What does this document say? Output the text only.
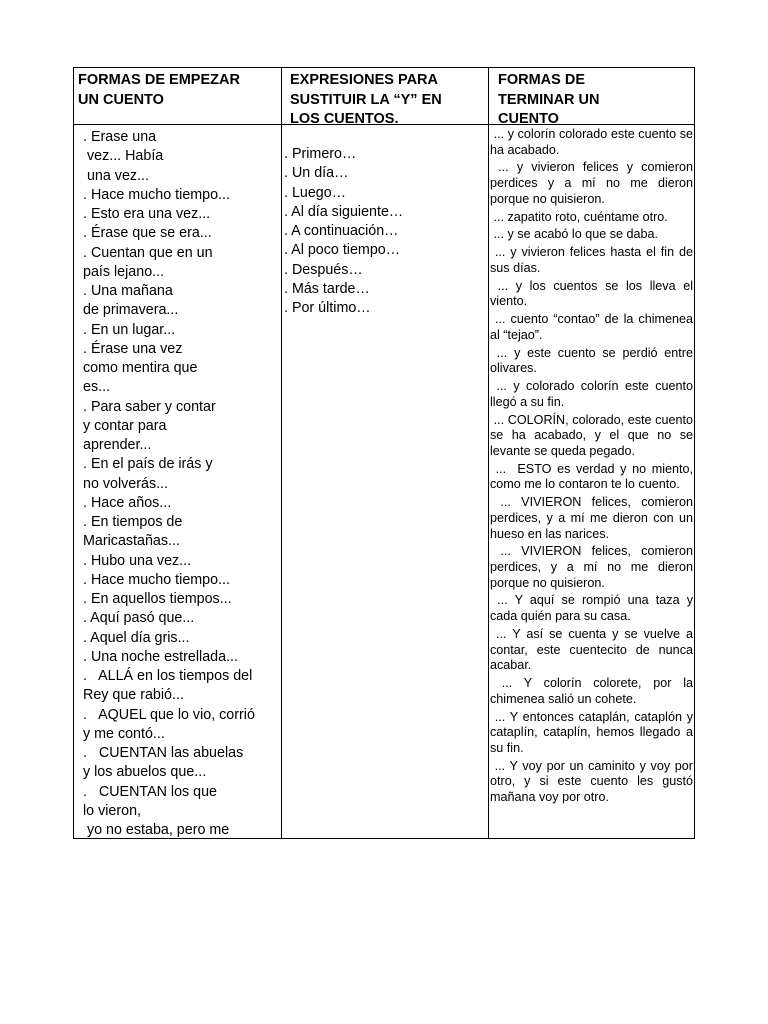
FORMAS DE EMPEZAR
UN CUENTO
EXPRESIONES PARA
SUSTITUIR LA “Y” EN
LOS CUENTOS.
FORMAS DE
TERMINAR UN
CUENTO
. Erase una
vez... Había
una vez...
. Hace mucho tiempo...
. Esto era una vez...
. Érase que se era...
. Cuentan que en un
país lejano...
. Una mañana
de primavera...
. En un lugar...
. Érase una vez
como mentira que
es...
. Para saber y contar
y contar para
aprender...
. En el país de irás y
no volverás...
. Hace años...
. En tiempos de
Maricastañas...
. Hubo una vez...
. Hace mucho tiempo...
. En aquellos tiempos...
. Aquí pasó que...
. Aquel día gris...
. Una noche estrellada...
.   ALLÁ en los tiempos del
Rey que rabió...
.   AQUEL que lo vio, corrió
y me contó...
.   CUENTAN las abuelas
y los abuelos que...
.   CUENTAN los que
lo vieron,
yo no estaba, pero me
. Primero…
. Un día…
. Luego…
. Al día siguiente…
. A continuación…
. Al poco tiempo…
. Después…
. Más tarde…
. Por último…
... y colorín colorado este cuento se ha acabado.
... y vivieron felices y comieron perdices y a mí no me dieron porque no quisieron.
... zapatito roto, cuéntame otro.
... y se acabó lo que se daba.
... y vivieron felices hasta el fin de sus días.
... y los cuentos se los lleva el viento.
... cuento “contao” de la chimenea al “tejao”.
... y este cuento se perdió entre olivares.
... y colorado colorín este cuento llegó a su fin.
... COLORÍN, colorado, este cuento se ha acabado, y el que no se levante se queda pegado.
...  ESTO es verdad y no miento, como me lo contaron te lo cuento.
... VIVIERON felices, comieron perdices, y a mí me dieron con un hueso en las narices.
... VIVIERON felices, comieron perdices, y a mí no me dieron porque no quisieron.
... Y aquí se rompió una taza y cada quién para su casa.
... Y así se cuenta y se vuelve a contar, este cuentecito de nunca acabar.
... Y colorín colorete, por la chimenea salió un cohete.
... Y entonces cataplán, cataplón y cataplín, cataplín, hemos llegado a su fin.
... Y voy por un caminito y voy por otro, y si este cuento les gustó mañana voy por otro.
